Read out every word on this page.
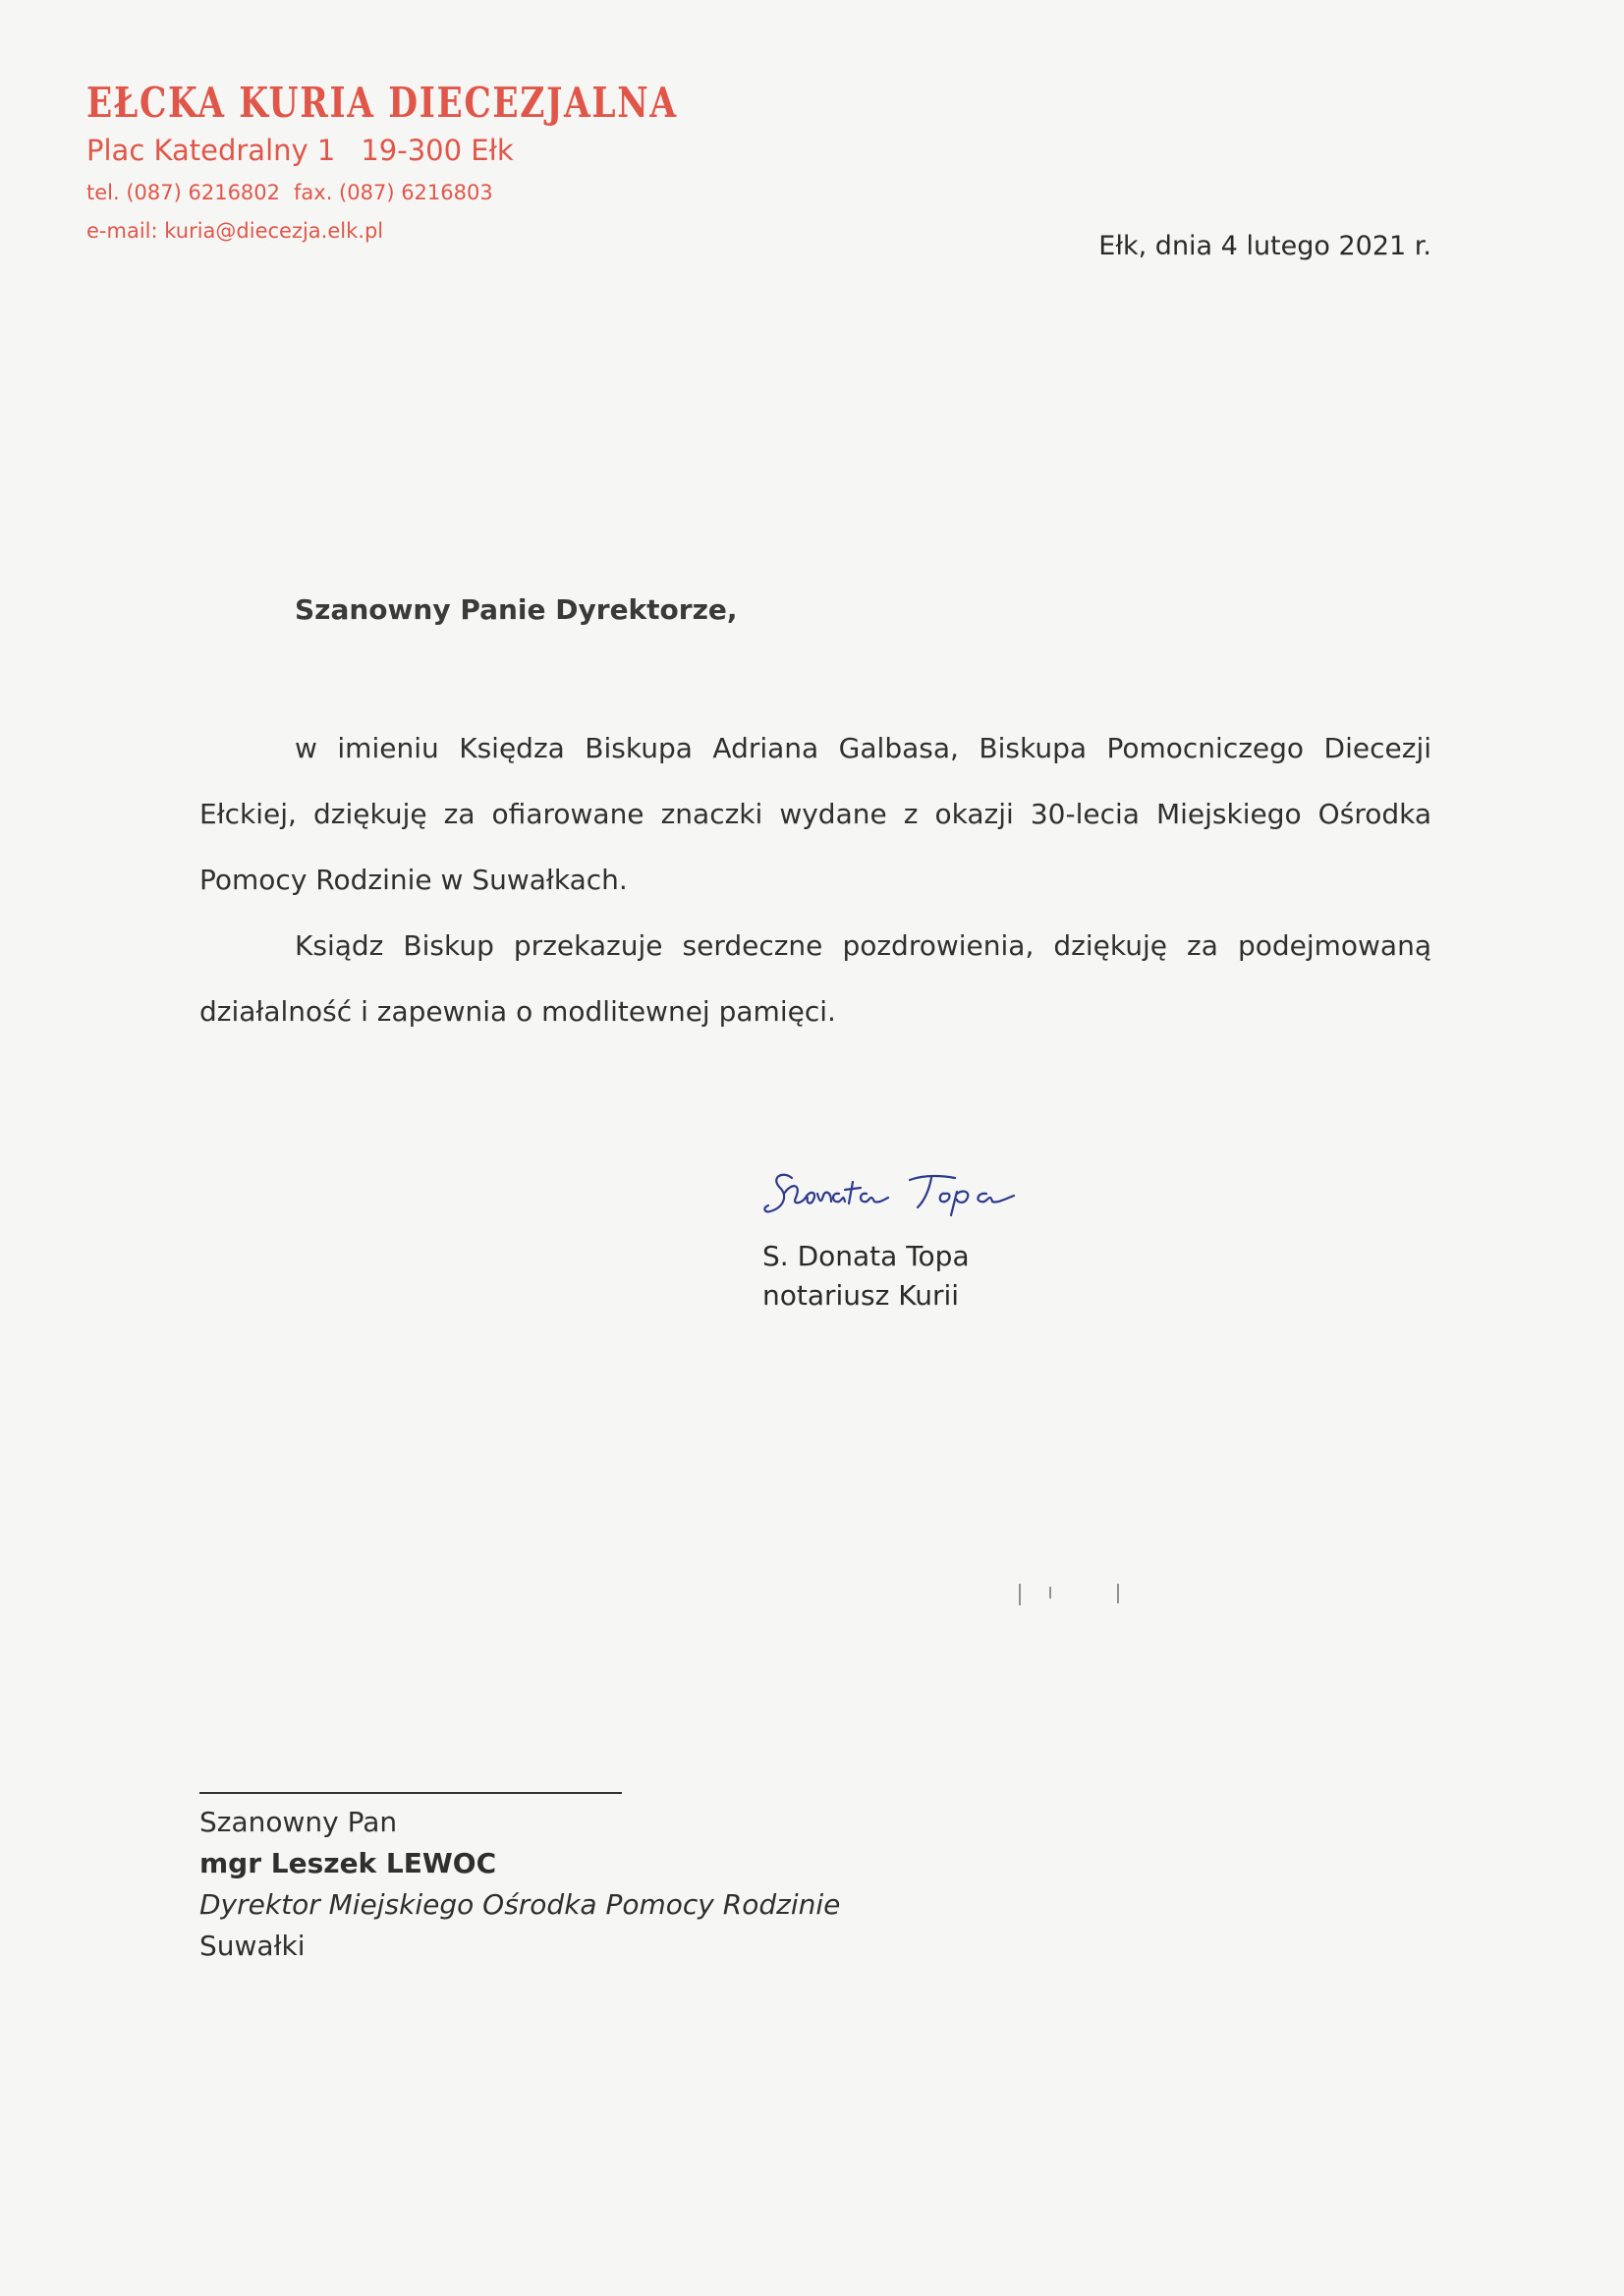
EŁCKA KURIA DIECEZJALNA
Plac Katedralny 1 19-300 Ełk
tel. (087) 6216802 fax. (087) 6216803
e-mail: kuria@diecezja.elk.pl	Ełk, dnia 4 lutego 2021 r.
Szanowny Panie Dyrektorze,

w imieniu Księdza Biskupa Adriana Galbasa, Biskupa Pomocniczego Diecezji Ełckiej, dziękuję za ofiarowane znaczki wydane z okazji 30-lecia Miejskiego Ośrodka Pomocy Rodzinie w Suwałkach.

Ksiądz Biskup przekazuje serdeczne pozdrowienia, dziękuję za podejmowaną działalność i zapewnia o modlitewnej pamięci.

S. Donata Topa
notariusz Kurii
Szanowny Pan
mgr Leszek LEWOC
Dyrektor Miejskiego Ośrodka Pomocy Rodzinie
Suwałki
